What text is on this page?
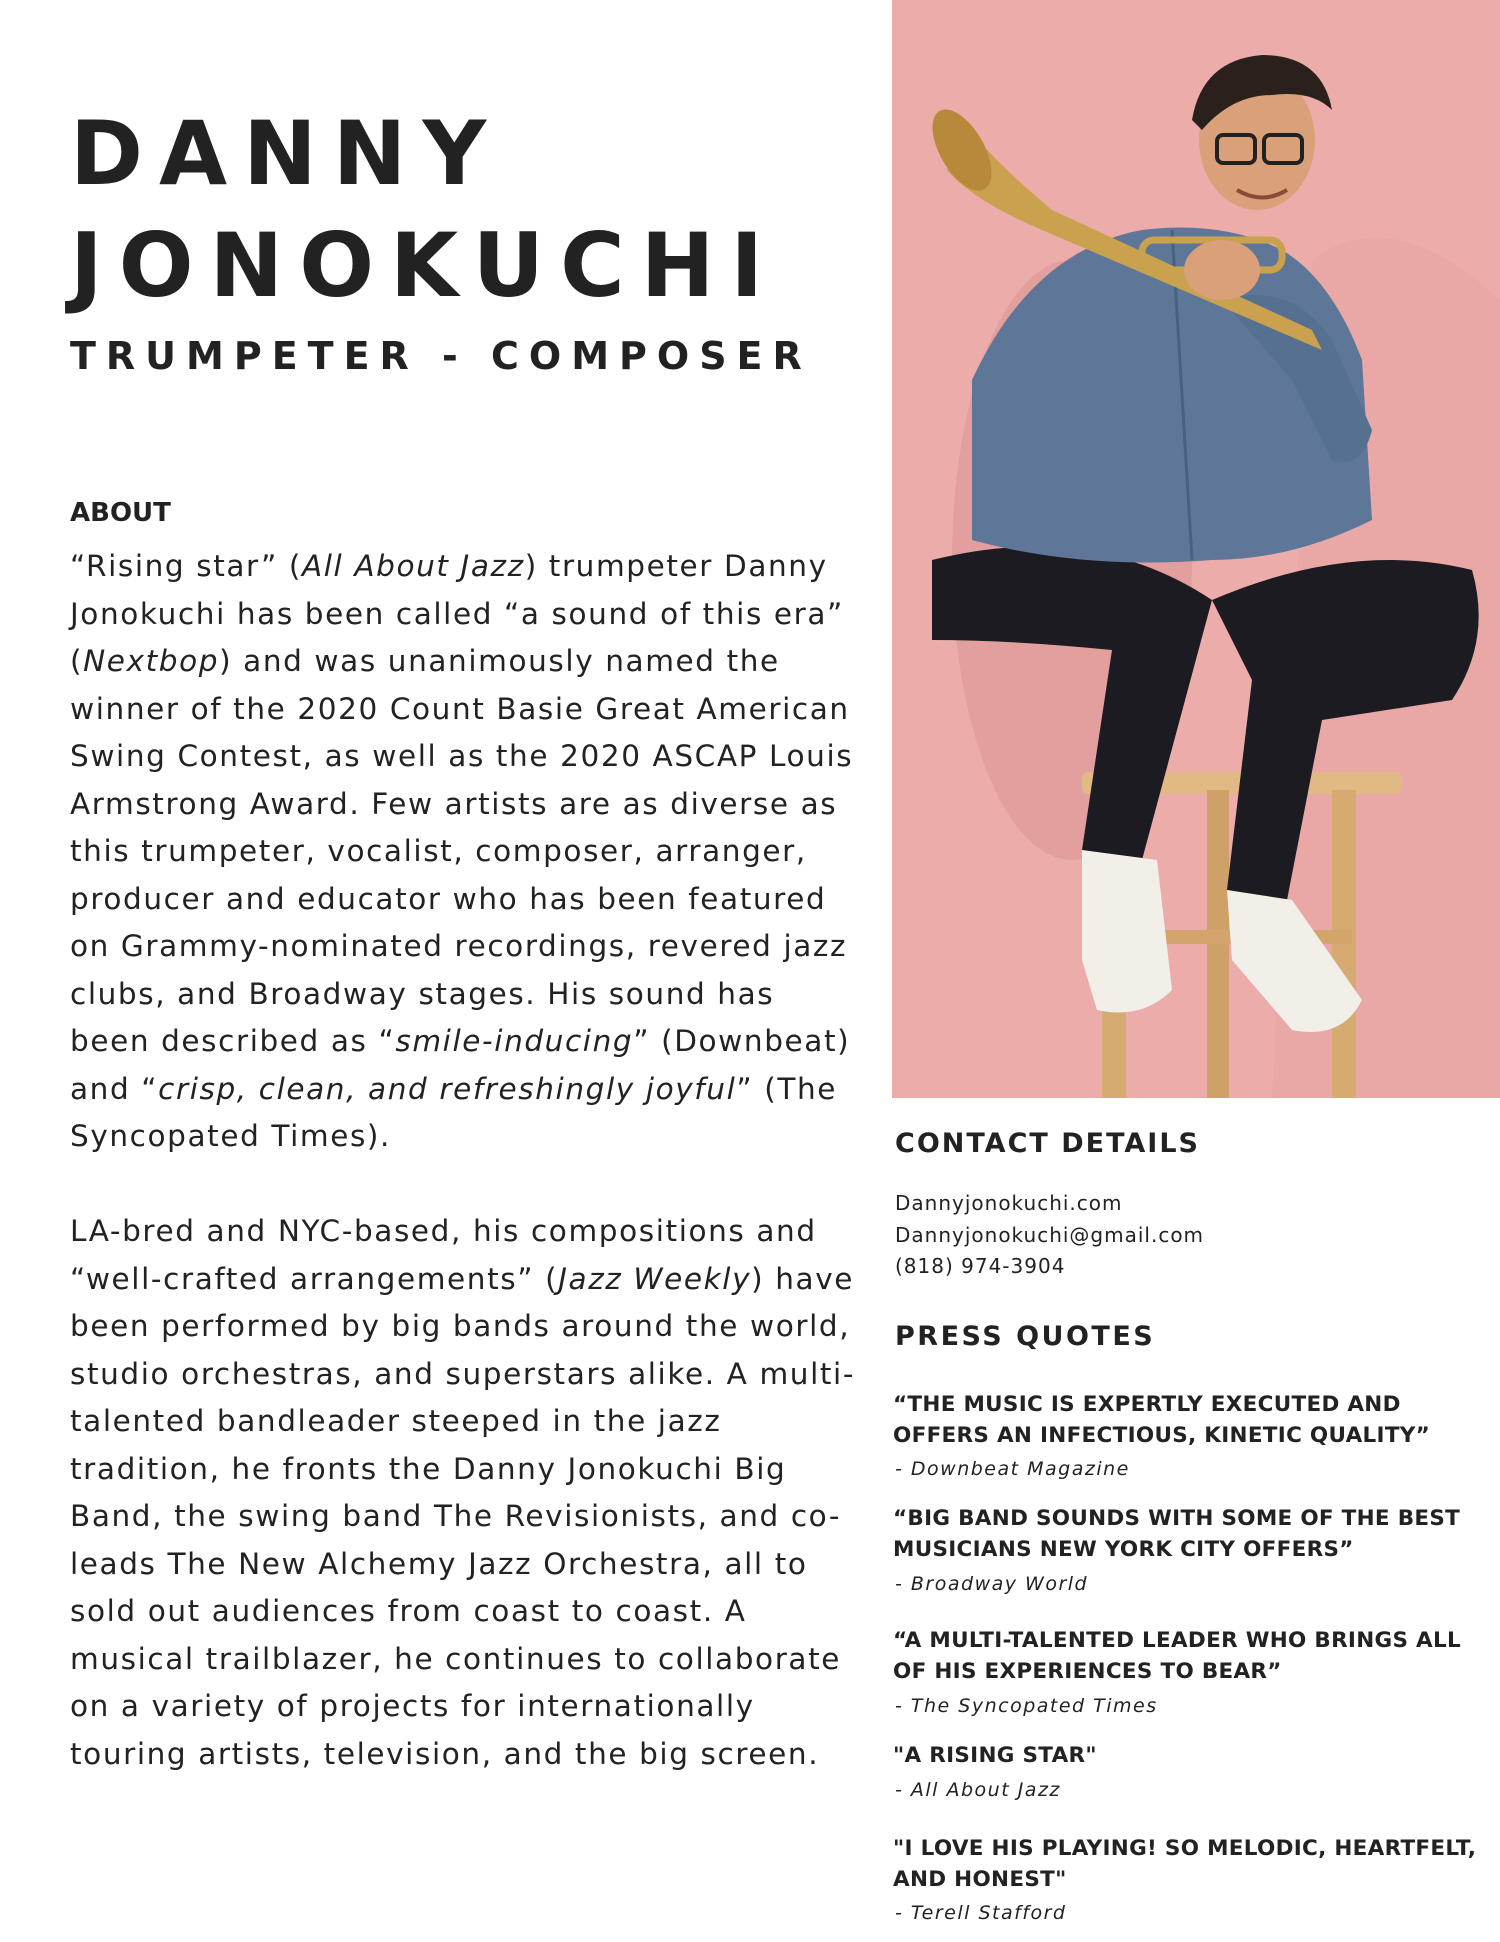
DANNY
JONOKUCHI
TRUMPETER - COMPOSER
ABOUT

“Rising star” (All About Jazz) trumpeter Danny Jonokuchi has been called “a sound of this era” (Nextbop) and was unanimously named the winner of the 2020 Count Basie Great American Swing Contest, as well as the 2020 ASCAP Louis Armstrong Award. Few artists are as diverse as this trumpeter, vocalist, composer, arranger, producer and educator who has been featured on Grammy-nominated recordings, revered jazz clubs, and Broadway stages. His sound has been described as “smile-inducing” (Downbeat) and “crisp, clean, and refreshingly joyful” (The Syncopated Times).

LA-bred and NYC-based, his compositions and “well-crafted arrangements” (Jazz Weekly) have been performed by big bands around the world, studio orchestras, and superstars alike. A multi-talented bandleader steeped in the jazz tradition, he fronts the Danny Jonokuchi Big Band, the swing band The Revisionists, and co-leads The New Alchemy Jazz Orchestra, all to sold out audiences from coast to coast. A musical trailblazer, he continues to collaborate on a variety of projects for internationally touring artists, television, and the big screen.

CONTACT DETAILS
Dannyjonokuchi.com
Dannyjonokuchi@gmail.com
(818) 974-3904
PRESS QUOTES
“THE MUSIC IS EXPERTLY EXECUTED AND OFFERS AN INFECTIOUS, KINETIC QUALITY”
- Downbeat Magazine
“BIG BAND SOUNDS WITH SOME OF THE BEST MUSICIANS NEW YORK CITY OFFERS”
- Broadway World
“A MULTI-TALENTED LEADER WHO BRINGS ALL OF HIS EXPERIENCES TO BEAR”
- The Syncopated Times
"A RISING STAR"
- All About Jazz
"I LOVE HIS PLAYING! SO MELODIC, HEARTFELT, AND HONEST"
- Terell Stafford
